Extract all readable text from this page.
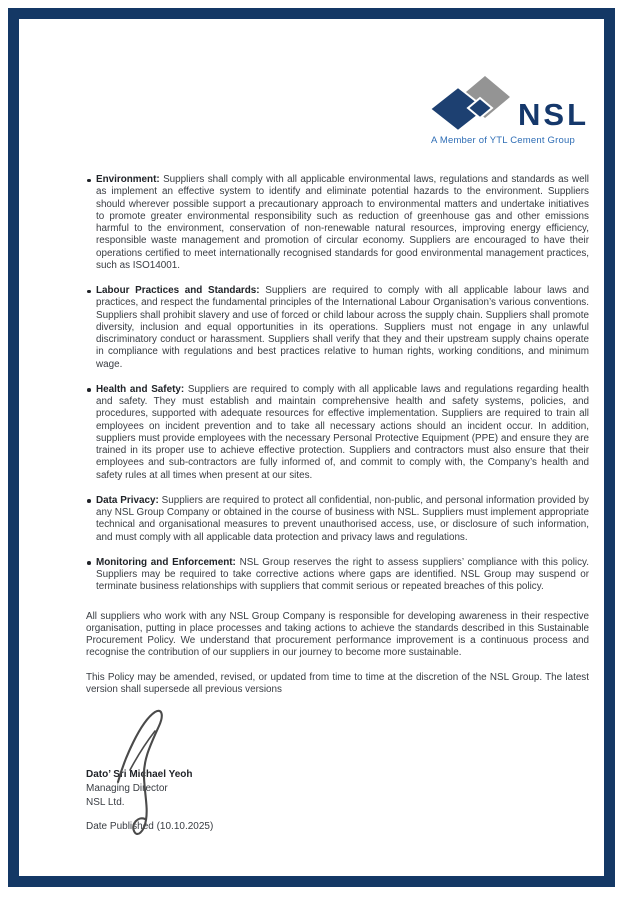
NSL
A Member of YTL Cement Group
Environment: Suppliers shall comply with all applicable environmental laws, regulations and standards as well as implement an effective system to identify and eliminate potential hazards to the environment. Suppliers should wherever possible support a precautionary approach to environmental matters and undertake initiatives to promote greater environmental responsibility such as reduction of greenhouse gas and other emissions harmful to the environment, conservation of non-renewable natural resources, improving energy efficiency, responsible waste management and promotion of circular economy. Suppliers are encouraged to have their operations certified to meet internationally recognised standards for good environmental management practices, such as ISO14001.
Labour Practices and Standards: Suppliers are required to comply with all applicable labour laws and practices, and respect the fundamental principles of the International Labour Organisation’s various conventions. Suppliers shall prohibit slavery and use of forced or child labour across the supply chain. Suppliers shall promote diversity, inclusion and equal opportunities in its operations. Suppliers must not engage in any unlawful discriminatory conduct or harassment. Suppliers shall verify that they and their upstream supply chains operate in compliance with regulations and best practices relative to human rights, working conditions, and minimum wage.
Health and Safety: Suppliers are required to comply with all applicable laws and regulations regarding health and safety. They must establish and maintain comprehensive health and safety systems, policies, and procedures, supported with adequate resources for effective implementation. Suppliers are required to train all employees on incident prevention and to take all necessary actions should an incident occur. In addition, suppliers must provide employees with the necessary Personal Protective Equipment (PPE) and ensure they are trained in its proper use to achieve effective protection. Suppliers and contractors must also ensure that their employees and sub-contractors are fully informed of, and commit to comply with, the Company’s health and safety rules at all times when present at our sites.
Data Privacy: Suppliers are required to protect all confidential, non-public, and personal information provided by any NSL Group Company or obtained in the course of business with NSL. Suppliers must implement appropriate technical and organisational measures to prevent unauthorised access, use, or disclosure of such information, and must comply with all applicable data protection and privacy laws and regulations.
Monitoring and Enforcement: NSL Group reserves the right to assess suppliers’ compliance with this policy. Suppliers may be required to take corrective actions where gaps are identified. NSL Group may suspend or terminate business relationships with suppliers that commit serious or repeated breaches of this policy.

All suppliers who work with any NSL Group Company is responsible for developing awareness in their respective organisation, putting in place processes and taking actions to achieve the standards described in this Sustainable Procurement Policy. We understand that procurement performance improvement is a continuous process and recognise the contribution of our suppliers in our journey to become more sustainable.

This Policy may be amended, revised, or updated from time to time at the discretion of the NSL Group. The latest version shall supersede all previous versions

Dato’ Sri Michael Yeoh
Managing Director
NSL Ltd.
Date Published (10.10.2025)
